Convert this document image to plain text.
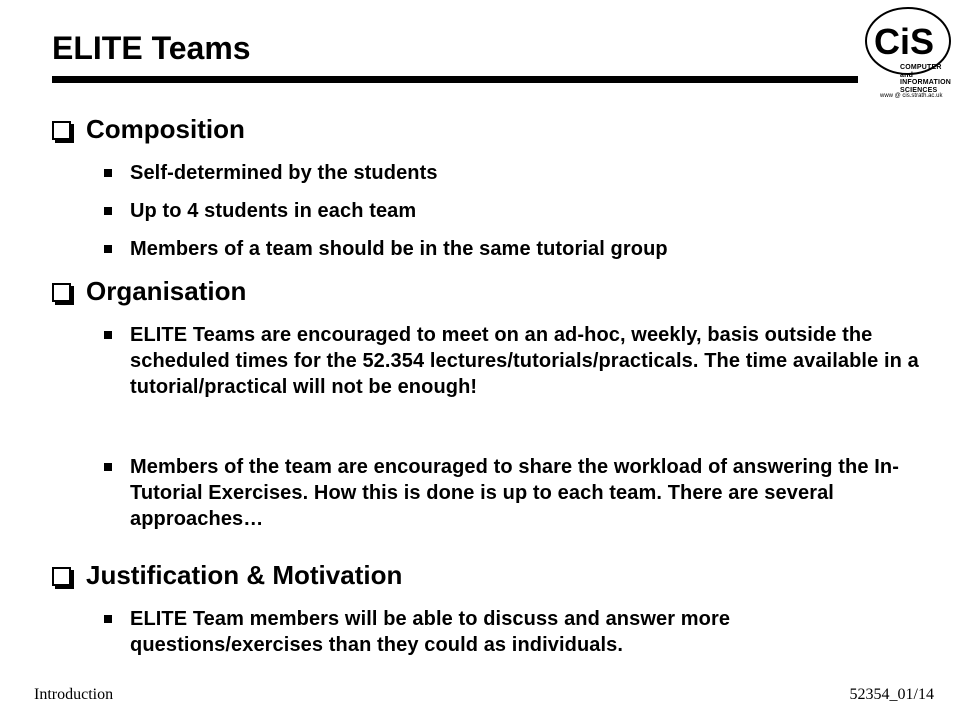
ELITE Teams	CiS
COMPUTER and
INFORMATION
SCIENCES
www @ cis.strath.ac.uk
Composition
Self-determined by the students
Up to 4 students in each team
Members of a team should be in the same tutorial group
Organisation
ELITE Teams are encouraged to meet on an ad-hoc, weekly, basis outside the scheduled times for the 52.354 lectures/tutorials/practicals. The time available in a tutorial/practical will not be enough!
Members of the team are encouraged to share the workload of answering the In-Tutorial Exercises. How this is done is up to each team. There are several approaches…
Justification & Motivation
ELITE Team members will be able to discuss and answer more questions/exercises than they could as individuals.
Introduction	52354_01/14
